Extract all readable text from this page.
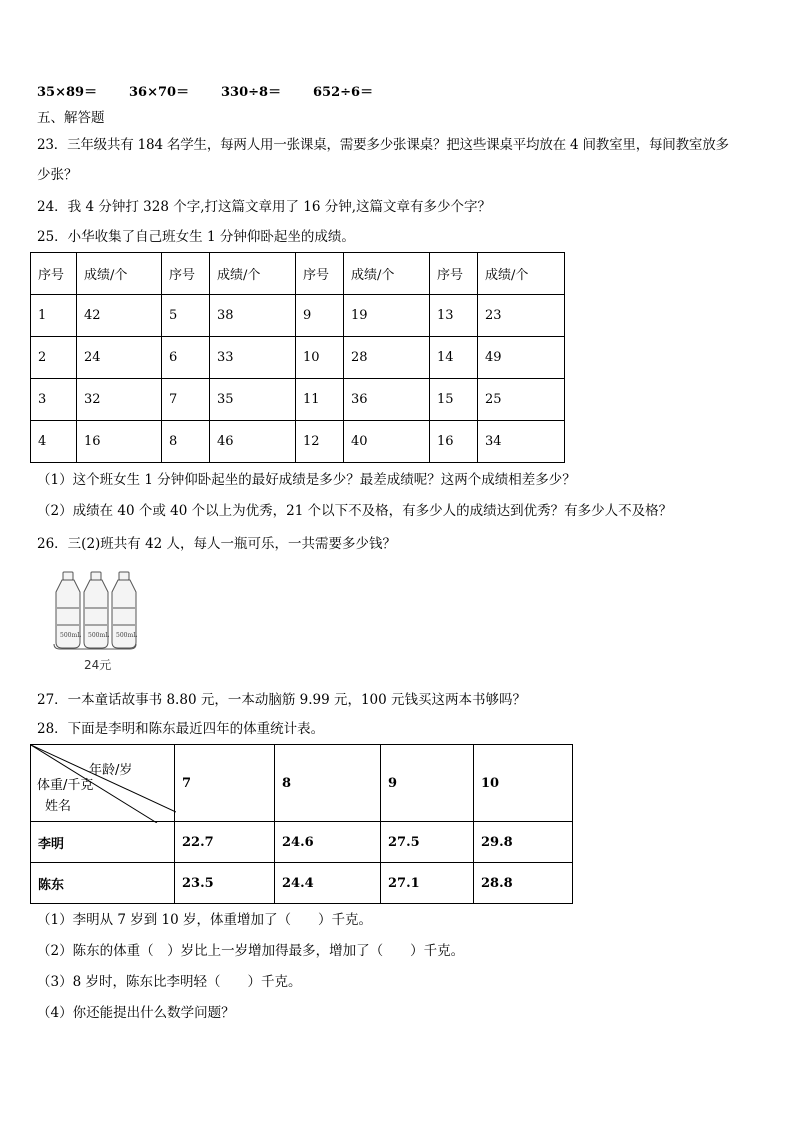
35×89＝ 36×70＝ 330÷8＝ 652÷6＝
五、解答题
23．三年级共有 184 名学生，每两人用一张课桌，需要多少张课桌？把这些课桌平均放在 4 间教室里，每间教室放多
少张？
24．我 4 分钟打 328 个字,打这篇文章用了 16 分钟,这篇文章有多少个字？
25．小华收集了自己班女生 1 分钟仰卧起坐的成绩。
序号	成绩/个	序号	成绩/个	序号	成绩/个	序号	成绩/个
1	42	5	38	9	19	13	23
2	24	6	33	10	28	14	49
3	32	7	35	11	36	15	25
4	16	8	46	12	40	16	34
（1）这个班女生 1 分钟仰卧起坐的最好成绩是多少？最差成绩呢？这两个成绩相差多少？
（2）成绩在 40 个或 40 个以上为优秀，21 个以下不及格，有多少人的成绩达到优秀？有多少人不及格？
26．三(2)班共有 42 人，每人一瓶可乐，一共需要多少钱？
500mL 500mL 500mL
24元
27．一本童话故事书 8.80 元，一本动脑筋 9.99 元，100 元钱买这两本书够吗？
28．下面是李明和陈东最近四年的体重统计表。
年龄/岁
体重/千克
姓名	7	8	9	10
李明	22.7	24.6	27.5	29.8
陈东	23.5	24.4	27.1	28.8
（1）李明从 7 岁到 10 岁，体重增加了（　　）千克。
（2）陈东的体重（　）岁比上一岁增加得最多，增加了（　　）千克。
（3）8 岁时，陈东比李明轻（　　）千克。
（4）你还能提出什么数学问题？
